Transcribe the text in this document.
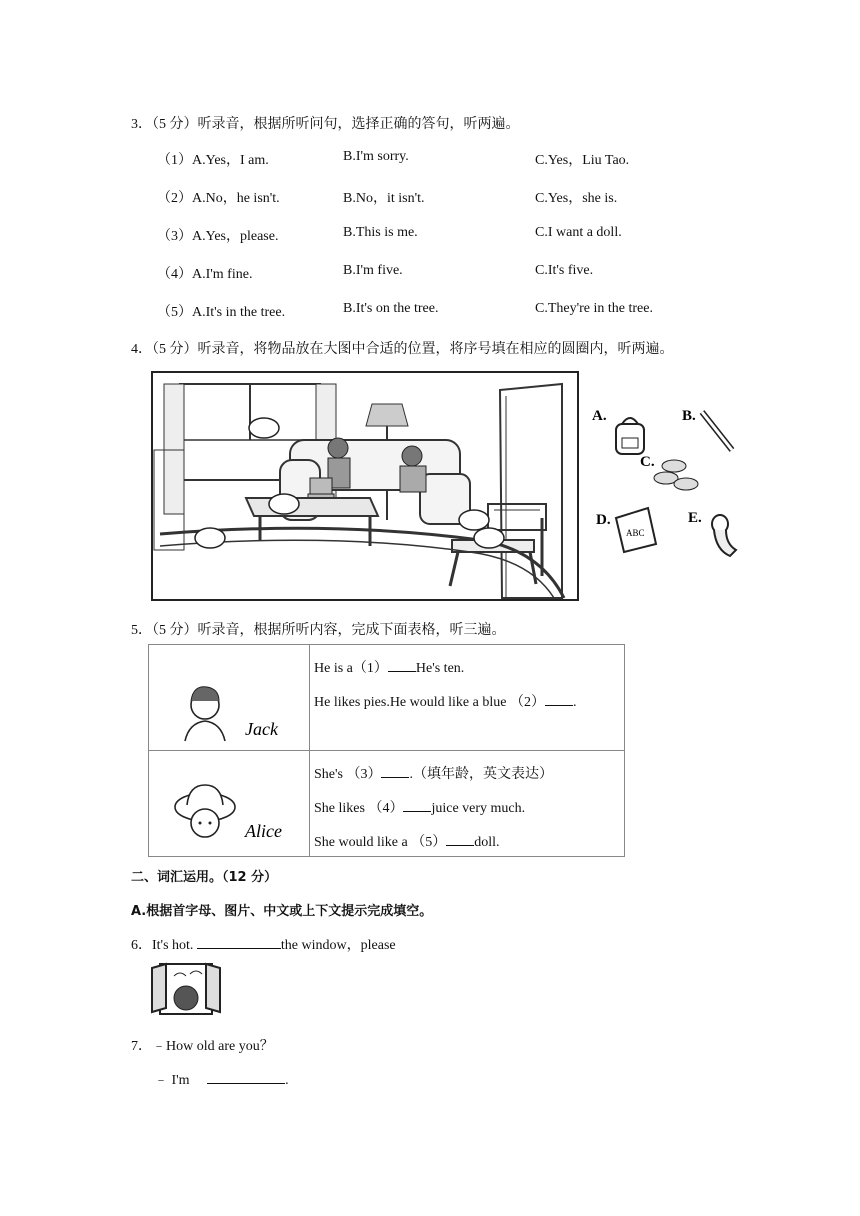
3．（5 分）听录音，根据所听问句，选择正确的答句，听两遍。
（1）A.Yes，I am.	B.I'm sorry.	C.Yes，Liu Tao.
（2）A.No，he isn't.	B.No，it isn't.	C.Yes，she is.
（3）A.Yes，please.	B.This is me.	C.I want a doll.
（4）A.I'm fine.	B.I'm five.	C.It's five.
（5）A.It's in the tree.	B.It's on the tree.	C.They're in the tree.
4．（5 分）听录音，将物品放在大图中合适的位置，将序号填在相应的圆圈内，听两遍。
A.	B.
C.
D.
ABC
E.
5．（5 分）听录音，根据所听内容，完成下面表格，听三遍。
Jack	He is a（1） He's ten.
He likes pies.He would like a blue （2） .

Alice	She's （3） .（填年龄，英文表达）
She likes （4） juice very much.
She would like a （5） doll.
二、词汇运用。（12 分）
A.根据首字母、图片、中文或上下文提示完成填空。
6．It's hot.	the window，please
7．﹣How old are you？
﹣ I'm	.
